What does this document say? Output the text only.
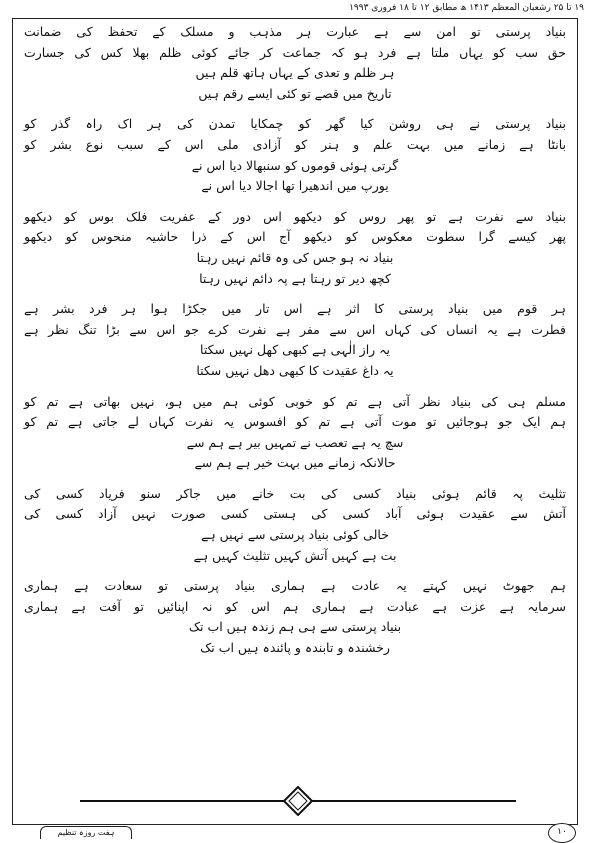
۱۹ تا ۲۵ رشعبان المعظم ۱۴۱۳ ھ مطابق ۱۲ تا ۱۸ فروری ۱۹۹۳

بنیاد پرستی تو امن سے ہے عبارت ہر مذہب و مسلک کے تحفظ کی ضمانت

حق سب کو یہاں ملتا ہے فرد ہو کہ جماعت کر جائے کوئی ظلم بھلا کس کی جسارت

ہر ظلم و تعدی کے یہاں ہاتھ قلم ہیں

تاریخ میں قصے تو کئی ایسے رقم ہیں

بنیاد پرستی نے ہی روشن کیا گھر کو چمکایا تمدن کی ہر اک راہ گذر کو

بانٹا ہے زمانے میں بہت علم و ہنر کو آزادی ملی اس کے سبب نوع بشر کو

گرتی ہوئی قوموں کو سنبھالا دیا اس نے

یورپ میں اندھیرا تھا اجالا دیا اس نے

بنیاد سے نفرت ہے تو پھر روس کو دیکھو اس دور کے عفریت فلک بوس کو دیکھو

پھر کیسے گرا سطوت معکوس کو دیکھو آج اس کے ذرا حاشیہ منحوس کو دیکھو

بنیاد نہ ہو جس کی وہ قائم نہیں رہتا

کچھ دیر تو رہتا ہے پہ دائم نہیں رہتا

ہر قوم میں بنیاد پرستی کا اثر ہے اس تار میں جکڑا ہوا ہر فرد بشر ہے

فطرت ہے یہ انساں کی کہاں اس سے مفر ہے نفرت کرے جو اس سے بڑا تنگ نظر ہے

یہ راز الٰہی ہے کبھی کھل نہیں سکتا

یہ داغ عقیدت کا کبھی دھل نہیں سکتا

مسلم ہی کی بنیاد نظر آتی ہے تم کو خوبی کوئی ہم میں ہو، نہیں بھاتی ہے تم کو

ہم ایک جو ہوجائیں تو موت آتی ہے تم کو افسوس یہ نفرت کہاں لے جاتی ہے تم کو

سچ یہ ہے تعصب نے تمہیں بیر ہے ہم سے

حالانکہ زمانے میں بہت خیر ہے ہم سے

تثلیث پہ قائم ہوئی بنیاد کسی کی بت خانے میں جاکر سنو فریاد کسی کی

آتش سے عقیدت ہوئی آباد کسی کی ہستی کسی صورت نہیں آزاد کسی کی

خالی کوئی بنیاد پرستی سے نہیں ہے

بت ہے کہیں آتش کہیں تثلیث کہیں ہے

ہم جھوٹ نہیں کہتے یہ عادت ہے ہماری بنیاد پرستی تو سعادت ہے ہماری

سرمایہ ہے عزت ہے عبادت ہے ہماری ہم اس کو نہ اپنائیں تو آفت ہے ہماری

بنیاد پرستی سے ہی ہم زندہ ہیں اب تک

رخشندہ و تابندہ و پائندہ ہیں اب تک

ہفت روزہ تنظیم	۱۰
